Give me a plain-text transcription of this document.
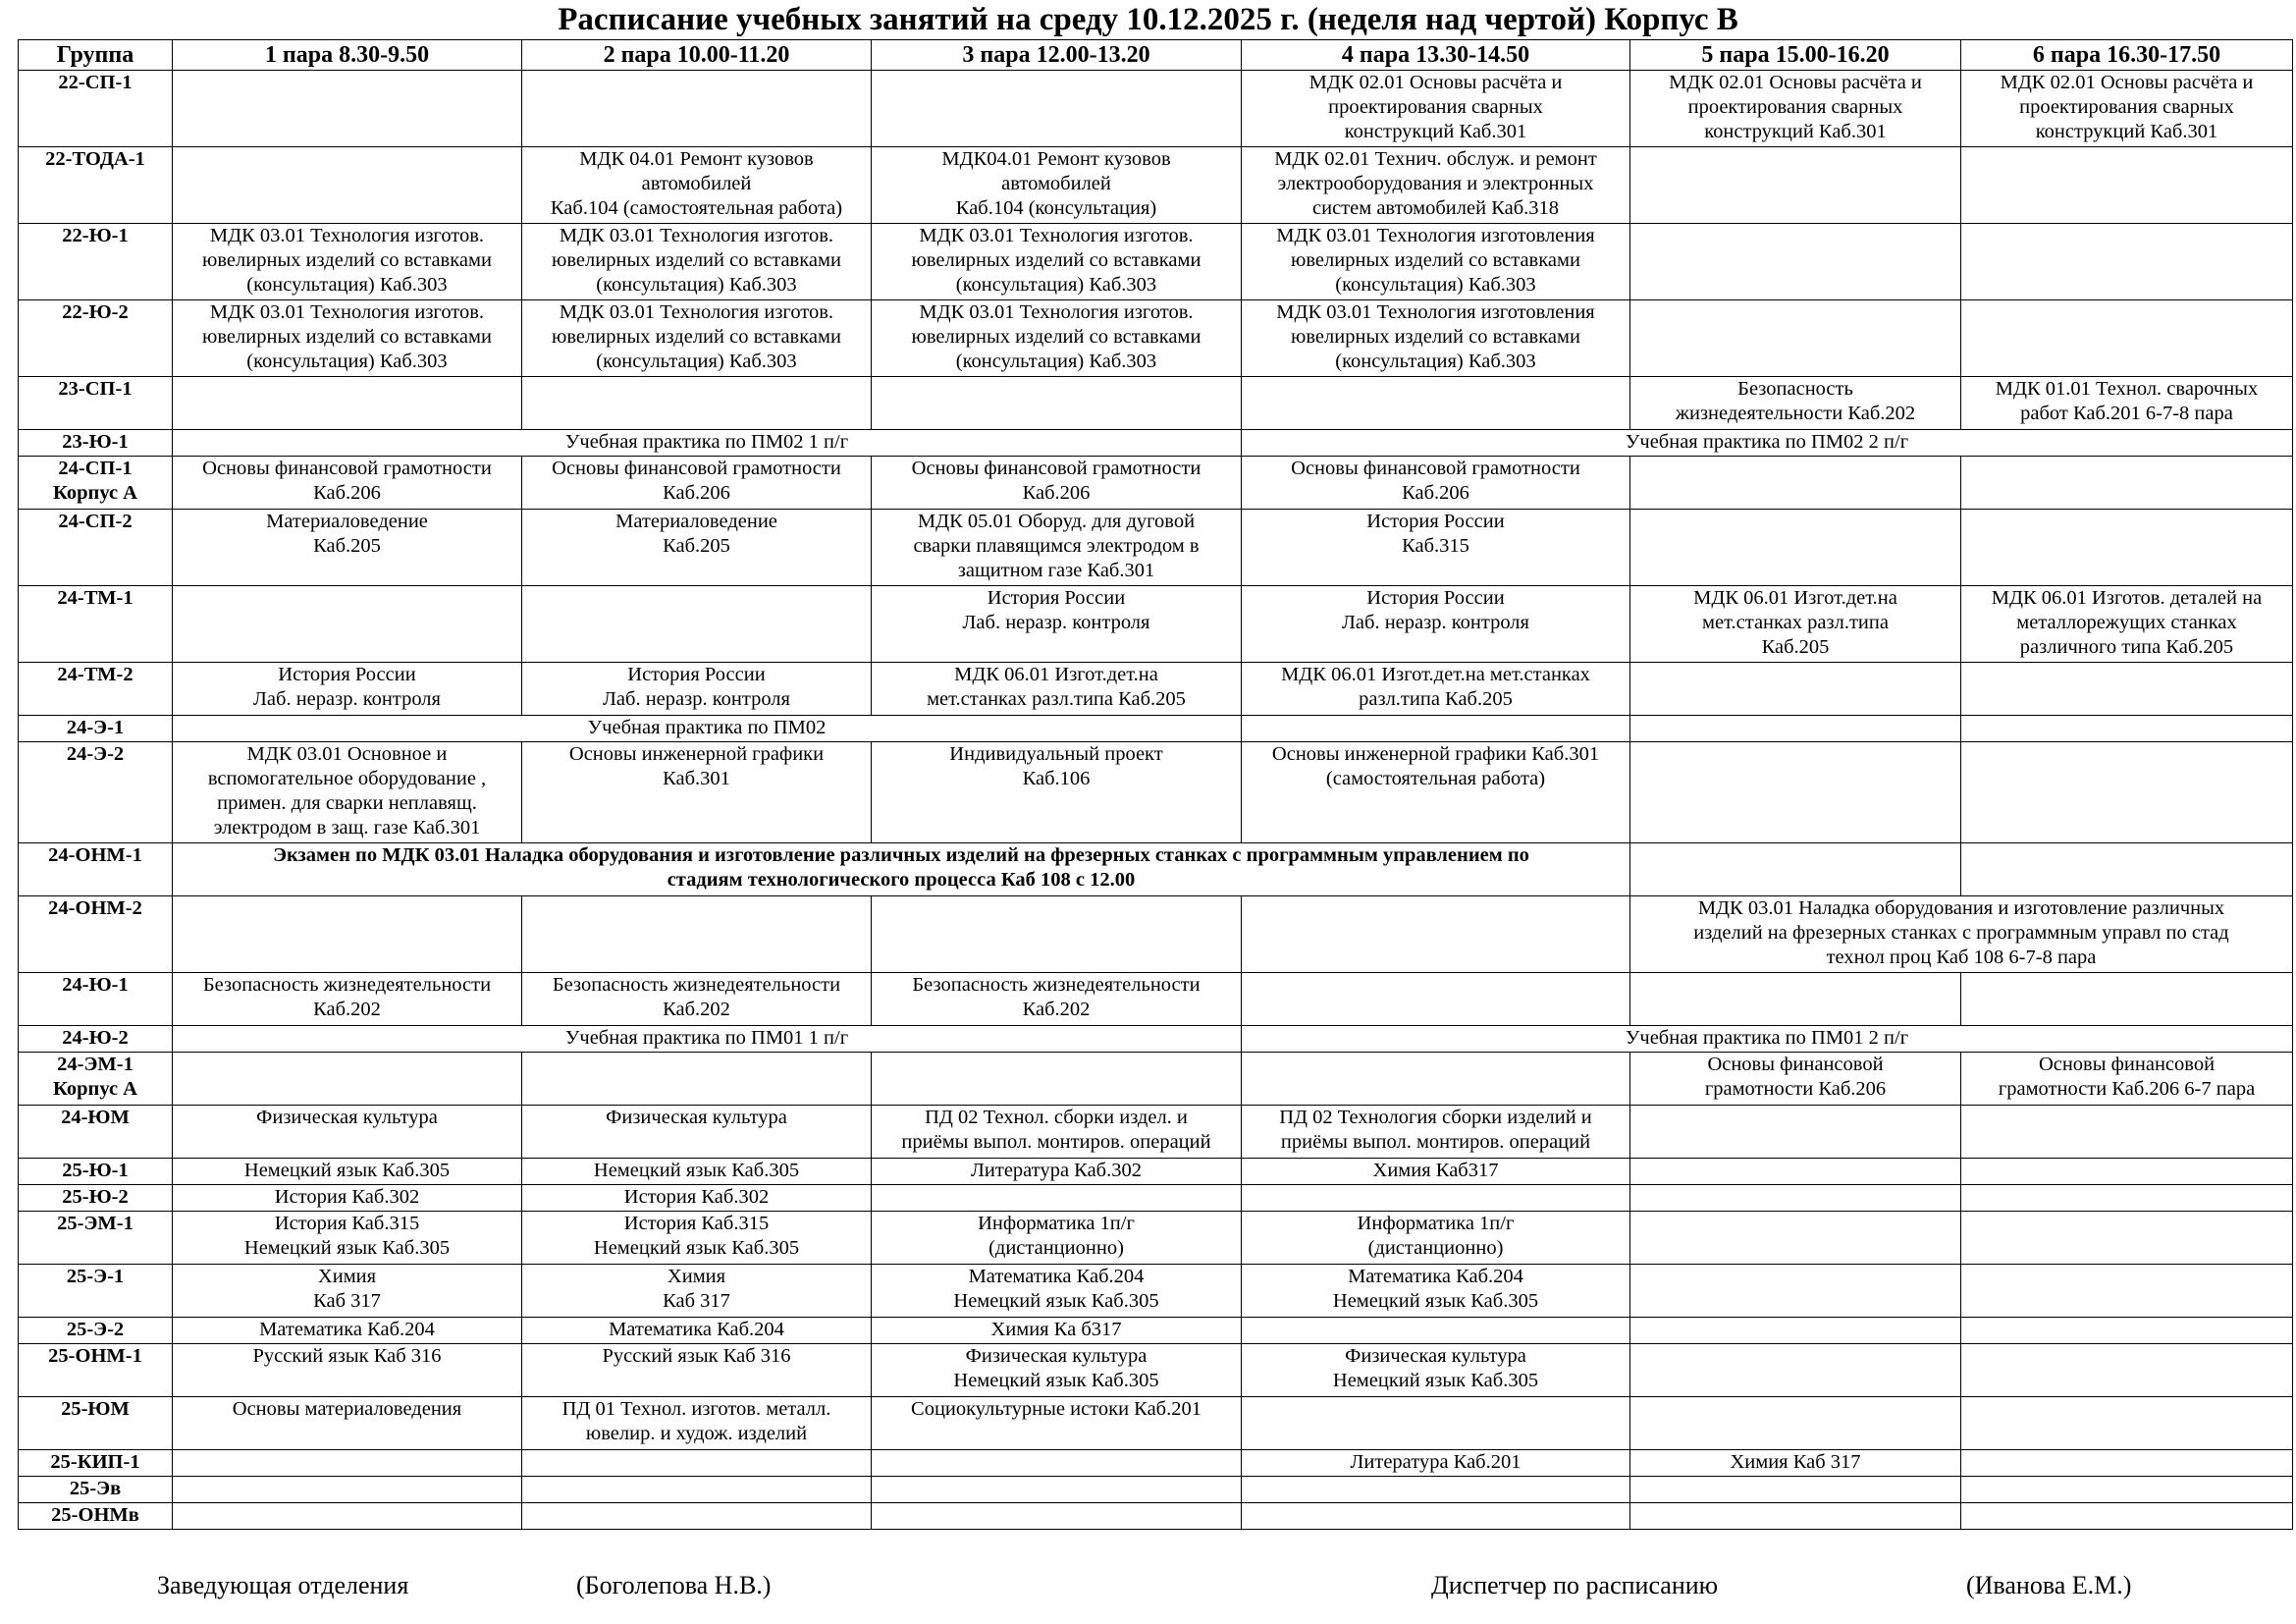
Расписание учебных занятий на среду 10.12.2025 г. (неделя над чертой) Корпус В
Группа	1 пара 8.30-9.50	2 пара 10.00-11.20	3 пара 12.00-13.20	4 пара 13.30-14.50	5 пара 15.00-16.20	6 пара 16.30-17.50

22-СП-1				МДК 02.01 Основы расчёта и
проектирования сварных
конструкций Каб.301	МДК 02.01 Основы расчёта и
проектирования сварных
конструкций Каб.301	МДК 02.01 Основы расчёта и
проектирования сварных
конструкций Каб.301

22-ТОДА-1		МДК 04.01 Ремонт кузовов
автомобилей
Каб.104 (самостоятельная работа)	МДК04.01 Ремонт кузовов
автомобилей
Каб.104 (консультация)	МДК 02.01 Технич. обслуж. и ремонт
электрооборудования и электронных
систем автомобилей Каб.318		

22-Ю-1	МДК 03.01 Технология изготов.
ювелирных изделий со вставками
(консультация) Каб.303	МДК 03.01 Технология изготов.
ювелирных изделий со вставками
(консультация) Каб.303	МДК 03.01 Технология изготов.
ювелирных изделий со вставками
(консультация) Каб.303	МДК 03.01 Технология изготовления
ювелирных изделий со вставками
(консультация) Каб.303		

22-Ю-2	МДК 03.01 Технология изготов.
ювелирных изделий со вставками
(консультация) Каб.303	МДК 03.01 Технология изготов.
ювелирных изделий со вставками
(консультация) Каб.303	МДК 03.01 Технология изготов.
ювелирных изделий со вставками
(консультация) Каб.303	МДК 03.01 Технология изготовления
ювелирных изделий со вставками
(консультация) Каб.303		

23-СП-1					Безопасность
жизнедеятельности Каб.202	МДК 01.01 Технол. сварочных
работ Каб.201 6-7-8 пара

23-Ю-1	Учебная практика по ПМ02 1 п/г			Учебная практика по ПМ02 2 п/г		

24-СП-1
Корпус А	Основы финансовой грамотности
Каб.206	Основы финансовой грамотности
Каб.206	Основы финансовой грамотности
Каб.206	Основы финансовой грамотности
Каб.206		

24-СП-2	Материаловедение
Каб.205	Материаловедение
Каб.205	МДК 05.01 Оборуд. для дуговой
сварки плавящимся электродом в
защитном газе Каб.301	История России
Каб.315		

24-ТМ-1			История России
Лаб. неразр. контроля	История России
Лаб. неразр. контроля	МДК 06.01 Изгот.дет.на
мет.станках разл.типа
Каб.205	МДК 06.01 Изготов. деталей на
металлорежущих станках
различного типа Каб.205

24-ТМ-2	История России
Лаб. неразр. контроля	История России
Лаб. неразр. контроля	МДК 06.01 Изгот.дет.на
мет.станках разл.типа Каб.205	МДК 06.01 Изгот.дет.на мет.станках
разл.типа Каб.205		

24-Э-1	Учебная практика по ПМ02					

24-Э-2	МДК 03.01 Основное и
вспомогательное оборудование ,
примен. для сварки неплавящ.
электродом в защ. газе Каб.301	Основы инженерной графики
Каб.301	Индивидуальный проект
Каб.106	Основы инженерной графики Каб.301
(самостоятельная работа)		

24-ОНМ-1	Экзамен по МДК 03.01 Наладка оборудования и изготовление различных изделий на фрезерных станках с программным управлением по
стадиям технологического процесса Каб 108 с 12.00					

24-ОНМ-2					МДК 03.01 Наладка оборудования и изготовление различных
изделий на фрезерных станках с программным управл по стад
технол проц Каб 108 6-7-8 пара	

24-Ю-1	Безопасность жизнедеятельности
Каб.202	Безопасность жизнедеятельности
Каб.202	Безопасность жизнедеятельности
Каб.202			

24-Ю-2	Учебная практика по ПМ01 1 п/г			Учебная практика по ПМ01 2 п/г		

24-ЭМ-1
Корпус А					Основы финансовой
грамотности Каб.206	Основы финансовой
грамотности Каб.206 6-7 пара

24-ЮМ	Физическая культура	Физическая культура	ПД 02 Технол. сборки издел. и
приёмы выпол. монтиров. операций	ПД 02 Технология сборки изделий и
приёмы выпол. монтиров. операций		

25-Ю-1	Немецкий язык Каб.305	Немецкий язык Каб.305	Литература Каб.302	Химия Каб317		

25-Ю-2	История Каб.302	История Каб.302				

25-ЭМ-1	История Каб.315
Немецкий язык Каб.305	История Каб.315
Немецкий язык Каб.305	Информатика 1п/г
(дистанционно)	Информатика 1п/г
(дистанционно)		

25-Э-1	Химия
Каб 317	Химия
Каб 317	Математика Каб.204
Немецкий язык Каб.305	Математика Каб.204
Немецкий язык Каб.305		

25-Э-2	Математика Каб.204	Математика Каб.204	Химия Ка б317			

25-ОНМ-1	Русский язык Каб 316	Русский язык Каб 316	Физическая культура
Немецкий язык Каб.305	Физическая культура
Немецкий язык Каб.305		

25-ЮМ	Основы материаловедения	ПД 01 Технол. изготов. металл.
ювелир. и худож. изделий	Социокультурные истоки Каб.201			

25-КИП-1				Литература Каб.201	Химия Каб 317	

25-Эв						

25-ОНМв						

Заведующая отделения	(Боголепова Н.В.)	Диспетчер по расписанию	(Иванова Е.М.)
